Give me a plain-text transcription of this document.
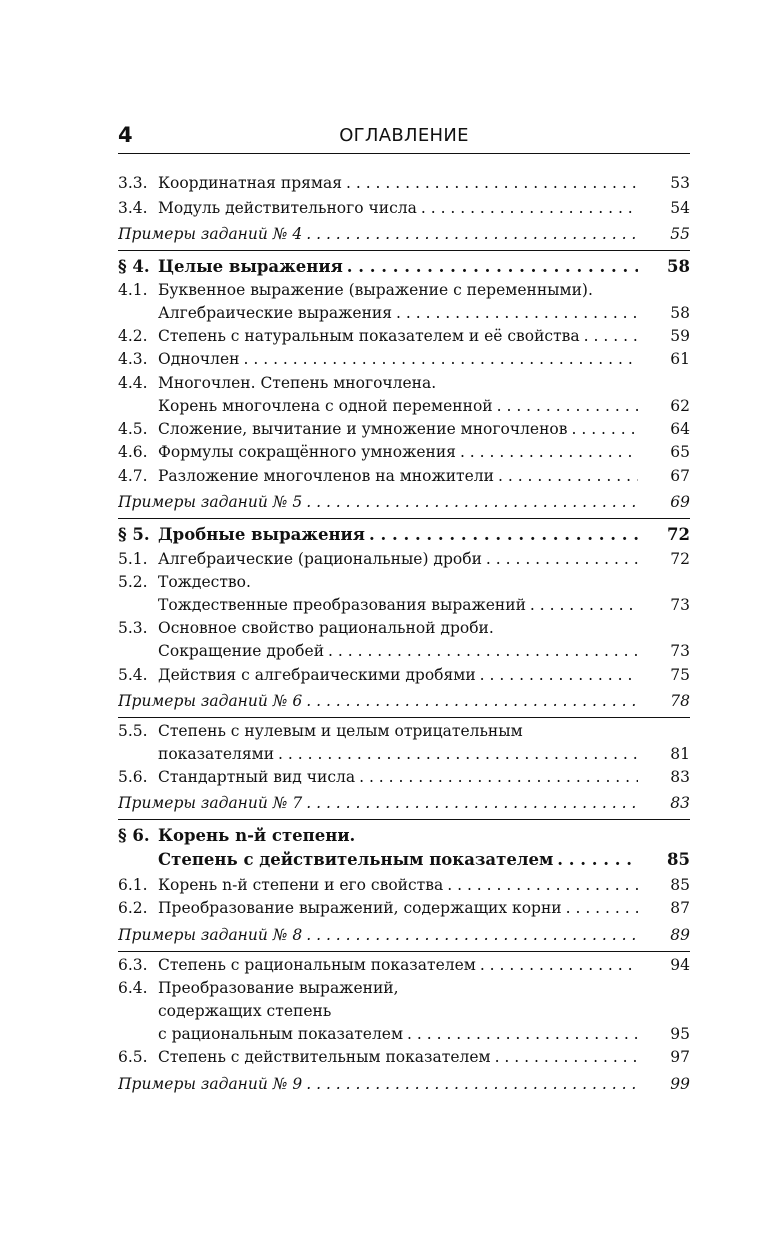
4	ОГЛАВЛЕНИЕ
3.3. Координатная прямая . . .	53
3.4. Модуль действительного числа . . .	54
Примеры заданий № 4 . . .	55
§ 4. Целые выражения . . .	58
4.1. Буквенное выражение (выражение с переменными).
Алгебраические выражения . . .	58
4.2. Степень с натуральным показателем и её свойства . . .	59
4.3. Одночлен . . .	61
4.4. Многочлен. Степень многочлена.
Корень многочлена с одной переменной . . .	62
4.5. Сложение, вычитание и умножение многочленов . . .	64
4.6. Формулы сокращённого умножения . . .	65
4.7. Разложение многочленов на множители . . .	67
Примеры заданий № 5 . . .	69
§ 5. Дробные выражения . . .	72
5.1. Алгебраические (рациональные) дроби . . .	72
5.2. Тождество.
Тождественные преобразования выражений . . .	73
5.3. Основное свойство рациональной дроби.
Сокращение дробей . . .	73
5.4. Действия с алгебраическими дробями . . .	75
Примеры заданий № 6 . . .	78
5.5. Степень с нулевым и целым отрицательным
показателями . . .	81
5.6. Стандартный вид числа . . .	83
Примеры заданий № 7 . . .	83
§ 6. Корень n-й степени.
Степень с действительным показателем . . .	85
6.1. Корень n-й степени и его свойства . . .	85
6.2. Преобразование выражений, содержащих корни . . .	87
Примеры заданий № 8 . . .	89
6.3. Степень с рациональным показателем . . .	94
6.4. Преобразование выражений,
содержащих степень
с рациональным показателем . . .	95
6.5. Степень с действительным показателем . . .	97
Примеры заданий № 9 . . .	99
